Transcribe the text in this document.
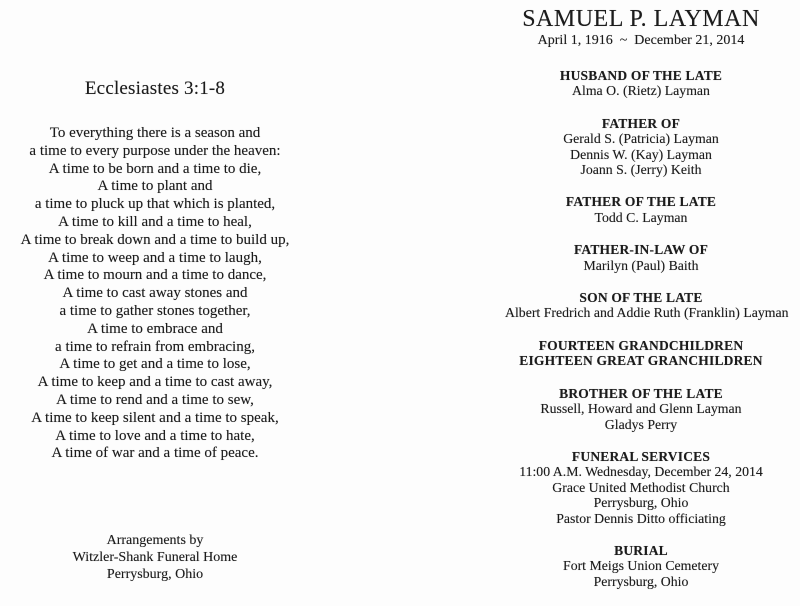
Ecclesiastes 3:1-8
To everything there is a season and
a time to every purpose under the heaven:
A time to be born and a time to die,
A time to plant and
a time to pluck up that which is planted,
A time to kill and a time to heal,
A time to break down and a time to build up,
A time to weep and a time to laugh,
A time to mourn and a time to dance,
A time to cast away stones and
a time to gather stones together,
A time to embrace and
a time to refrain from embracing,
A time to get and a time to lose,
A time to keep and a time to cast away,
A time to rend and a time to sew,
A time to keep silent and a time to speak,
A time to love and a time to hate,
A time of war and a time of peace.
Arrangements by
Witzler-Shank Funeral Home
Perrysburg, Ohio
SAMUEL P. LAYMAN
April 1, 1916 ~ December 21, 2014
HUSBAND OF THE LATE
Alma O. (Rietz) Layman
FATHER OF
Gerald S. (Patricia) Layman
Dennis W. (Kay) Layman
Joann S. (Jerry) Keith
FATHER OF THE LATE
Todd C. Layman
FATHER-IN-LAW OF
Marilyn (Paul) Baith
SON OF THE LATE
Albert Fredrich and Addie Ruth (Franklin) Layman
FOURTEEN GRANDCHILDREN
EIGHTEEN GREAT GRANCHILDREN
BROTHER OF THE LATE
Russell, Howard and Glenn Layman
Gladys Perry
FUNERAL SERVICES
11:00 A.M. Wednesday, December 24, 2014
Grace United Methodist Church
Perrysburg, Ohio
Pastor Dennis Ditto officiating
BURIAL
Fort Meigs Union Cemetery
Perrysburg, Ohio
